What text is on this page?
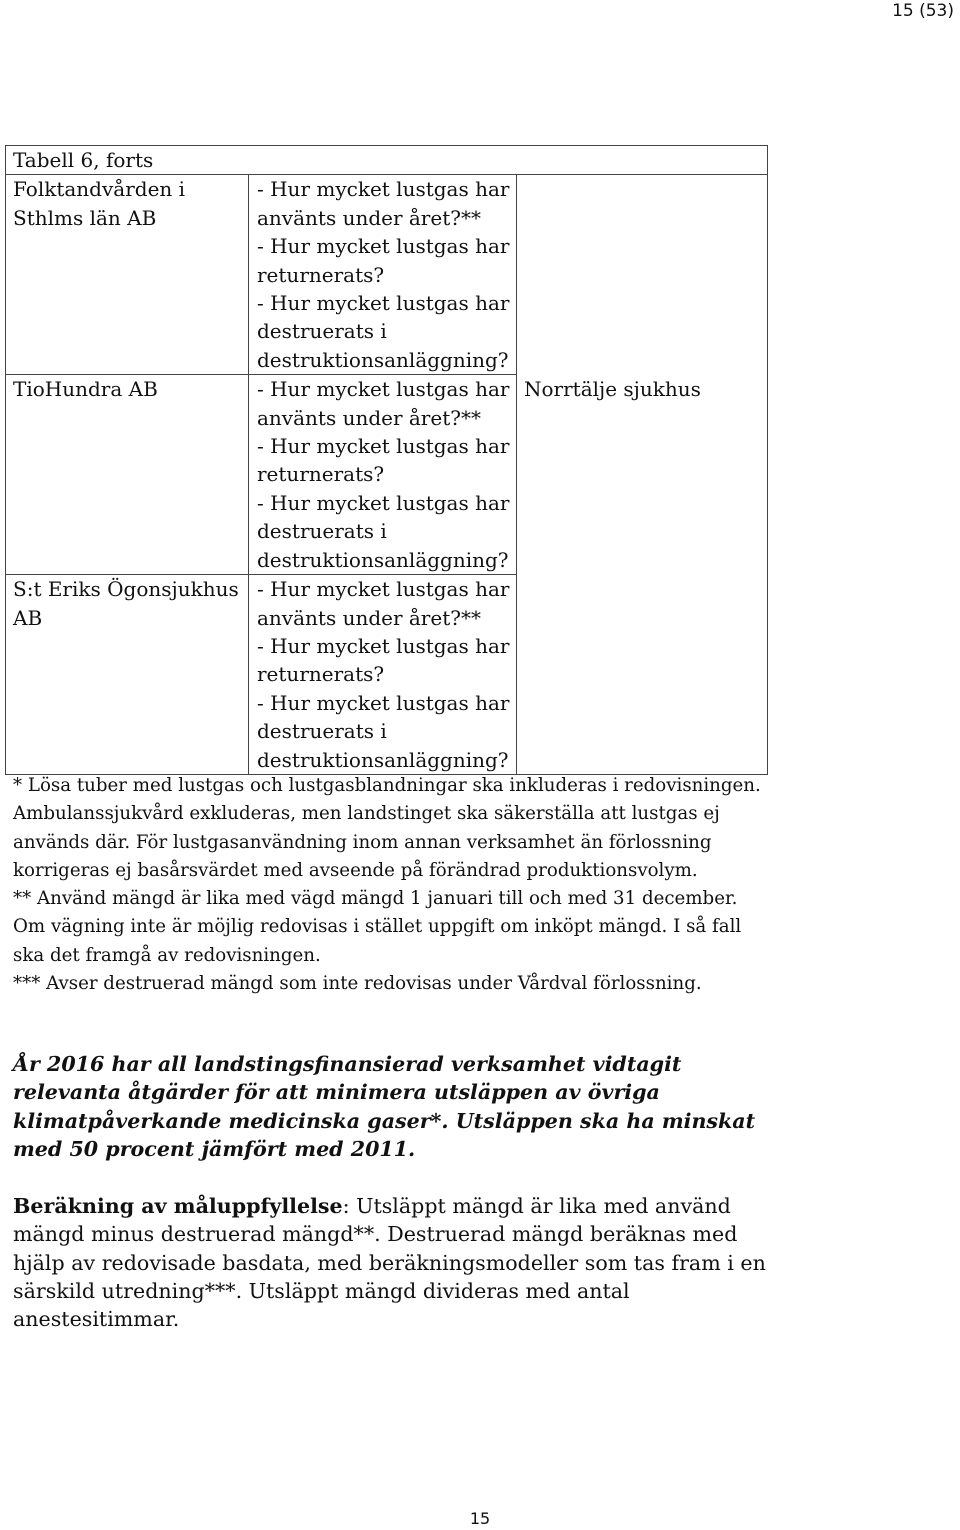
15 (53)
Tabell 6, forts		
Folktandvården i Sthlms län AB	- Hur mycket lustgas har använts under året?**
- Hur mycket lustgas har returnerats?
- Hur mycket lustgas har destruerats i destruktionsanläggning?	

TioHundra AB	- Hur mycket lustgas har använts under året?**
- Hur mycket lustgas har returnerats?
- Hur mycket lustgas har destruerats i destruktionsanläggning?	Norrtälje sjukhus
S:t Eriks Ögonsjukhus AB	- Hur mycket lustgas har använts under året?**
- Hur mycket lustgas har returnerats?
- Hur mycket lustgas har destruerats i destruktionsanläggning?	

* Lösa tuber med lustgas och lustgasblandningar ska inkluderas i redovisningen. Ambulanssjukvård exkluderas, men landstinget ska säkerställa att lustgas ej används där. För lustgasanvändning inom annan verksamhet än förlossning korrigeras ej basårsvärdet med avseende på förändrad produktionsvolym.

** Använd mängd är lika med vägd mängd 1 januari till och med 31 december. Om vägning inte är möjlig redovisas i stället uppgift om inköpt mängd. I så fall ska det framgå av redovisningen.

*** Avser destruerad mängd som inte redovisas under Vårdval förlossning.

År 2016 har all landstingsfinansierad verksamhet vidtagit relevanta åtgärder för att minimera utsläppen av övriga klimatpåverkande medicinska gaser*. Utsläppen ska ha minskat med 50 procent jämfört med 2011.

Beräkning av måluppfyllelse: Utsläppt mängd är lika med använd mängd minus destruerad mängd**. Destruerad mängd beräknas med hjälp av redovisade basdata, med beräkningsmodeller som tas fram i en särskild utredning***. Utsläppt mängd divideras med antal anestesitimmar.

15
